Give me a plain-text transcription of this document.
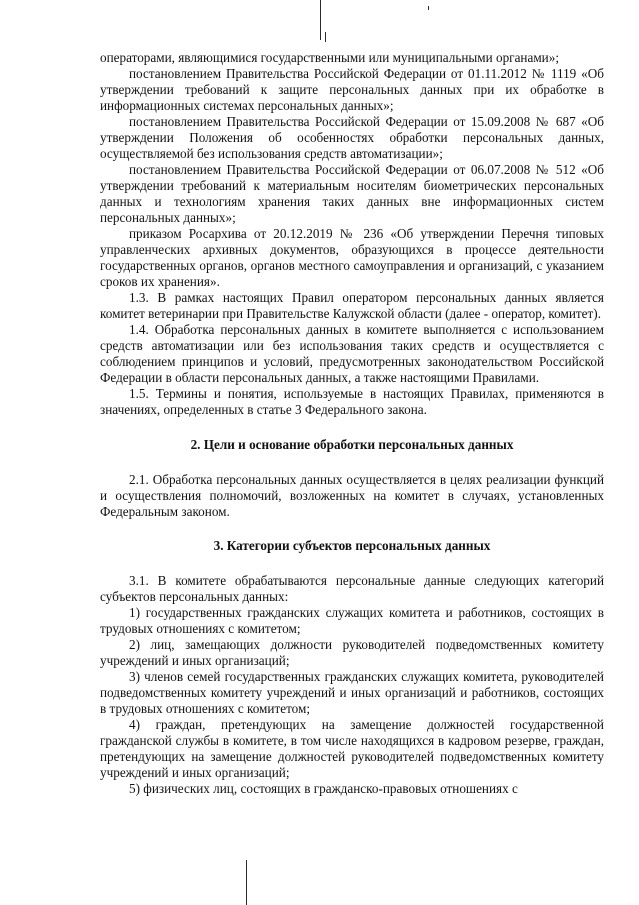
операторами, являющимися государственными или муниципальными органами»;

постановлением Правительства Российской Федерации от 01.11.2012 № 1119 «Об утверждении требований к защите персональных данных при их обработке в информационных системах персональных данных»;

постановлением Правительства Российской Федерации от 15.09.2008 № 687 «Об утверждении Положения об особенностях обработки персональных данных, осуществляемой без использования средств автоматизации»;

постановлением Правительства Российской Федерации от 06.07.2008 № 512 «Об утверждении требований к материальным носителям биометрических персональных данных и технологиям хранения таких данных вне информационных систем персональных данных»;

приказом Росархива от 20.12.2019 № 236 «Об утверждении Перечня типовых управленческих архивных документов, образующихся в процессе деятельности государственных органов, органов местного самоуправления и организаций, с указанием сроков их хранения».

1.3. В рамках настоящих Правил оператором персональных данных является комитет ветеринарии при Правительстве Калужской области (далее - оператор, комитет).

1.4. Обработка персональных данных в комитете выполняется с использованием средств автоматизации или без использования таких средств и осуществляется с соблюдением принципов и условий, предусмотренных законодательством Российской Федерации в области персональных данных, а также настоящими Правилами.

1.5. Термины и понятия, используемые в настоящих Правилах, применяются в значениях, определенных в статье 3 Федерального закона.

2. Цели и основание обработки персональных данных

2.1. Обработка персональных данных осуществляется в целях реализации функций и осуществления полномочий, возложенных на комитет в случаях, установленных Федеральным законом.

3. Категории субъектов персональных данных

3.1. В комитете обрабатываются персональные данные следующих категорий субъектов персональных данных:

1) государственных гражданских служащих комитета и работников, состоящих в трудовых отношениях с комитетом;

2) лиц, замещающих должности руководителей подведомственных комитету учреждений и иных организаций;

3) членов семей государственных гражданских служащих комитета, руководителей подведомственных комитету учреждений и иных организаций и работников, состоящих в трудовых отношениях с комитетом;

4) граждан, претендующих на замещение должностей государственной гражданской службы в комитете, в том числе находящихся в кадровом резерве, граждан, претендующих на замещение должностей руководителей подведомственных комитету учреждений и иных организаций;

5) физических лиц, состоящих в гражданско-правовых отношениях с
